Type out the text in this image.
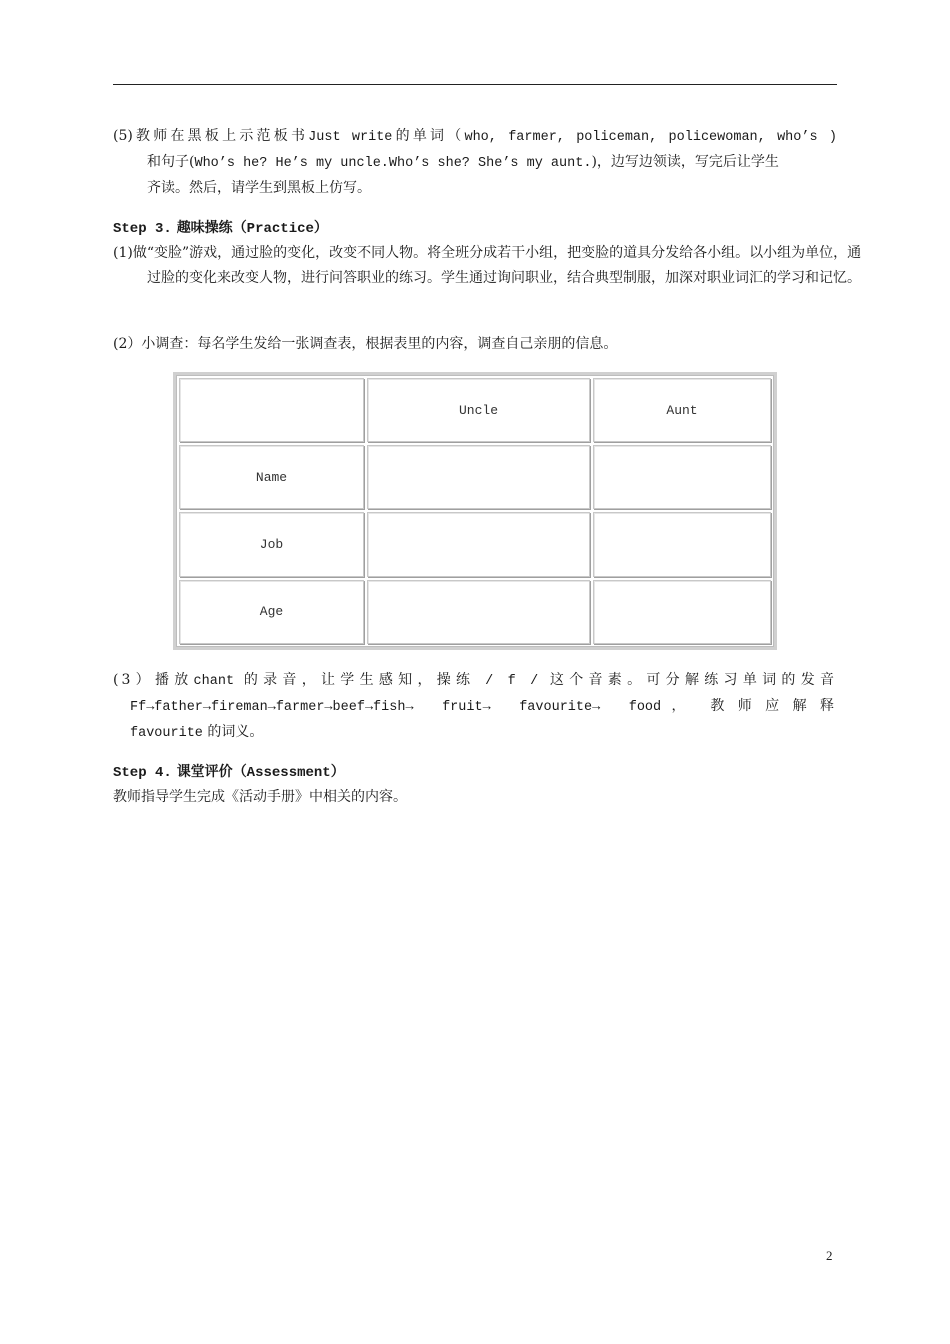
(5)教师在黑板上示范板书Just write的单词（who, farmer, policeman, policewoman, who’s )
和句子(Who’s he? He’s my uncle.Who’s she? She’s my aunt.)，边写边领读，写完后让学生
齐读。然后，请学生到黑板上仿写。
Step 3. 趣味操练（Practice）
(1)做“变脸”游戏，通过脸的变化，改变不同人物。将全班分成若干小组，把变脸的道具分发给各小组。以小组为单位，通过脸的变化来改变人物，进行问答职业的练习。学生通过询问职业，结合典型制服，加深对职业词汇的学习和记忆。
(2）小调查：每名学生发给一张调查表，根据表里的内容，调查自己亲朋的信息。
	Uncle	Aunt
Name		
Job		
Age		
(3）播放chant 的录音，让学生感知，操练 / f / 这个音素。可分解练习单词的发音
Ff→father→fireman→farmer→beef→fish→ fruit→ favourite→ food， 教师应解释
favourite 的词义。
Step 4. 课堂评价（Assessment）
教师指导学生完成《活动手册》中相关的内容。
2
